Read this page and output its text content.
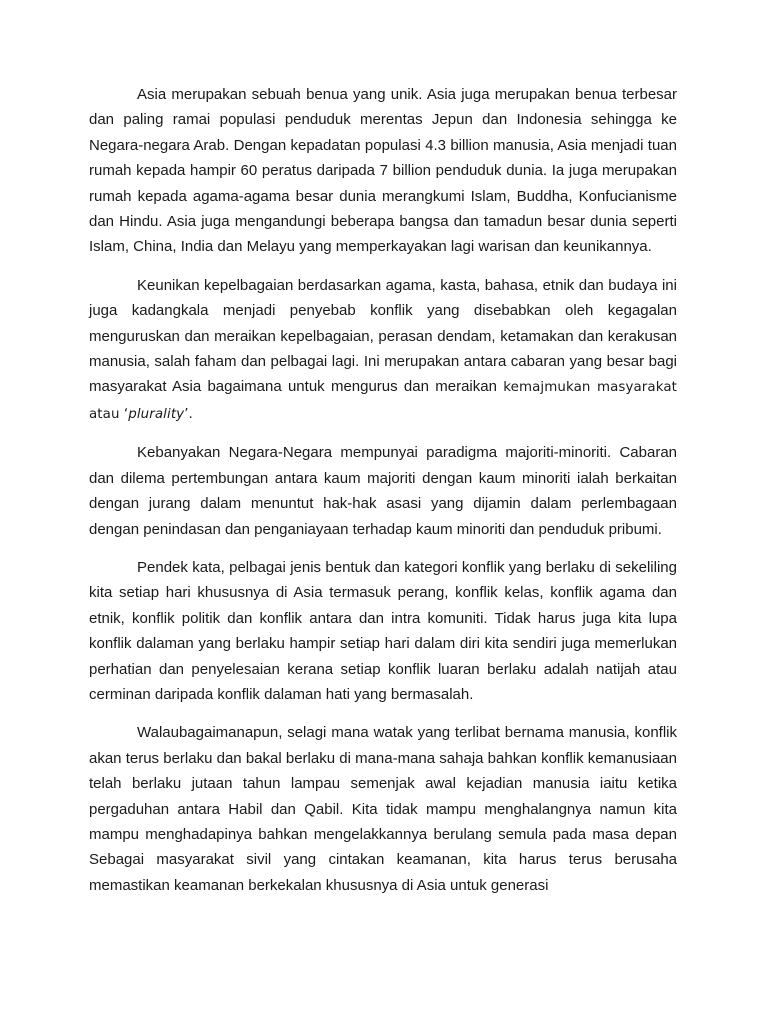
Asia merupakan sebuah benua yang unik. Asia juga merupakan benua terbesar dan paling ramai populasi penduduk merentas Jepun dan Indonesia sehingga ke Negara-negara Arab. Dengan kepadatan populasi 4.3 billion manusia, Asia menjadi tuan rumah kepada hampir 60 peratus daripada 7 billion penduduk dunia. Ia juga merupakan rumah kepada agama-agama besar dunia merangkumi Islam, Buddha, Konfucianisme dan Hindu. Asia juga mengandungi beberapa bangsa dan tamadun besar dunia seperti Islam, China, India dan Melayu yang memperkayakan lagi warisan dan keunikannya.

Keunikan kepelbagaian berdasarkan agama, kasta, bahasa, etnik dan budaya ini juga kadangkala menjadi penyebab konflik yang disebabkan oleh kegagalan menguruskan dan meraikan kepelbagaian, perasan dendam, ketamakan dan kerakusan manusia, salah faham dan pelbagai lagi. Ini merupakan antara cabaran yang besar bagi masyarakat Asia bagaimana untuk mengurus dan meraikan kemajmukan masyarakat atau ‘plurality’.

Kebanyakan Negara-Negara mempunyai paradigma majoriti-minoriti. Cabaran dan dilema pertembungan antara kaum majoriti dengan kaum minoriti ialah berkaitan dengan jurang dalam menuntut hak-hak asasi yang dijamin dalam perlembagaan dengan penindasan dan penganiayaan terhadap kaum minoriti dan penduduk pribumi.

Pendek kata, pelbagai jenis bentuk dan kategori konflik yang berlaku di sekeliling kita setiap hari khususnya di Asia termasuk perang, konflik kelas, konflik agama dan etnik, konflik politik dan konflik antara dan intra komuniti. Tidak harus juga kita lupa konflik dalaman yang berlaku hampir setiap hari dalam diri kita sendiri juga memerlukan perhatian dan penyelesaian kerana setiap konflik luaran berlaku adalah natijah atau cerminan daripada konflik dalaman hati yang bermasalah.

Walaubagaimanapun, selagi mana watak yang terlibat bernama manusia, konflik akan terus berlaku dan bakal berlaku di mana-mana sahaja bahkan konflik kemanusiaan telah berlaku jutaan tahun lampau semenjak awal kejadian manusia iaitu ketika pergaduhan antara Habil dan Qabil. Kita tidak mampu menghalangnya namun kita mampu menghadapinya bahkan mengelakkannya berulang semula pada masa depan Sebagai masyarakat sivil yang cintakan keamanan, kita harus terus berusaha memastikan keamanan berkekalan khususnya di Asia untuk generasi
